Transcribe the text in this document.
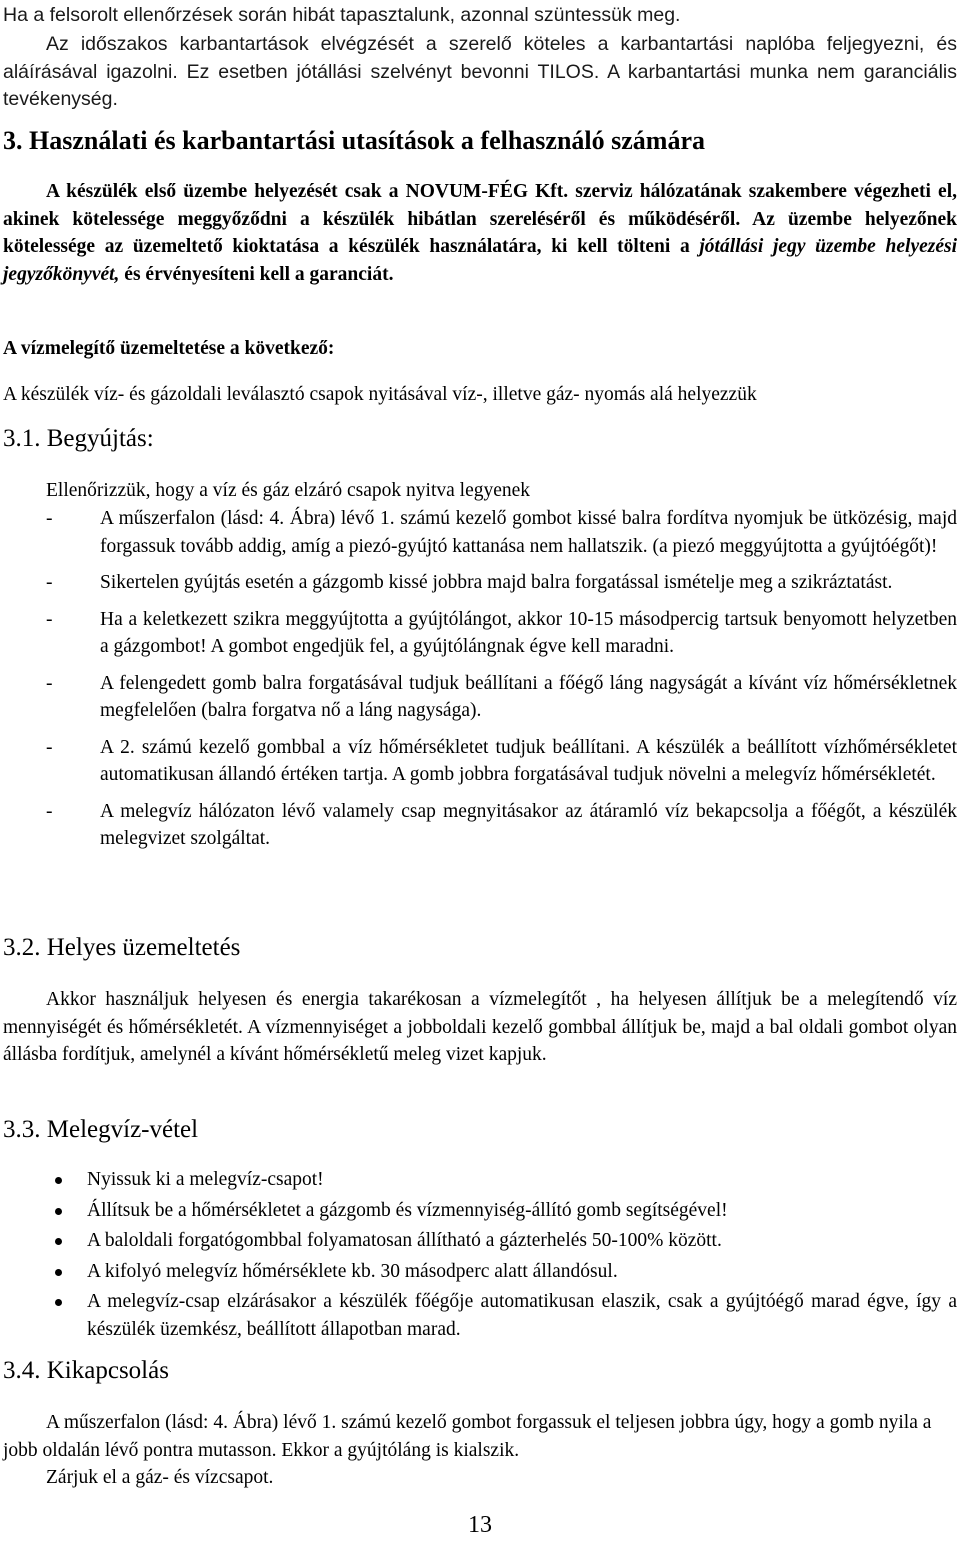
Ha a felsorolt ellenőrzések során hibát tapasztalunk, azonnal szüntessük meg.
Az időszakos karbantartások elvégzését a szerelő köteles a karbantartási naplóba feljegyezni, és aláírásával igazolni. Ez esetben jótállási szelvényt bevonni TILOS. A karbantartási munka nem garanciális tevékenység.
3. Használati és karbantartási utasítások a felhasználó számára
A készülék első üzembe helyezését csak a NOVUM-FÉG Kft. szerviz hálózatának szakembere végezheti el, akinek kötelessége meggyőződni a készülék hibátlan szereléséről és működéséről. Az üzembe helyezőnek kötelessége az üzemeltető kioktatása a készülék használatára, ki kell tölteni a jótállási jegy üzembe helyezési jegyzőkönyvét, és érvényesíteni kell a garanciát.
A vízmelegítő üzemeltetése a következő:
A készülék víz- és gázoldali leválasztó csapok nyitásával víz-, illetve gáz- nyomás alá helyezzük
3.1. Begyújtás:
Ellenőrizzük, hogy a víz és gáz elzáró csapok nyitva legyenek
- A műszerfalon (lásd: 4. Ábra) lévő 1. számú kezelő gombot kissé balra fordítva nyomjuk be ütközésig, majd forgassuk tovább addig, amíg a piezó-gyújtó kattanása nem hallatszik. (a piezó meggyújtotta a gyújtóégőt)!
- Sikertelen gyújtás esetén a gázgomb kissé jobbra majd balra forgatással ismételje meg a szikráztatást.
- Ha a keletkezett szikra meggyújtotta a gyújtólángot, akkor 10-15 másodpercig tartsuk benyomott helyzetben a gázgombot! A gombot engedjük fel, a gyújtólángnak égve kell maradni.
- A felengedett gomb balra forgatásával tudjuk beállítani a főégő láng nagyságát a kívánt víz hőmérsékletnek megfelelően (balra forgatva nő a láng nagysága).
- A 2. számú kezelő gombbal a víz hőmérsékletet tudjuk beállítani. A készülék a beállított vízhőmérsékletet automatikusan állandó értéken tartja. A gomb jobbra forgatásával tudjuk növelni a melegvíz hőmérsékletét.
- A melegvíz hálózaton lévő valamely csap megnyitásakor az átáramló víz bekapcsolja a főégőt, a készülék melegvizet szolgáltat.
3.2. Helyes üzemeltetés
Akkor használjuk helyesen és energia takarékosan a vízmelegítőt , ha helyesen állítjuk be a melegítendő víz mennyiségét és hőmérsékletét. A vízmennyiséget a jobboldali kezelő gombbal állítjuk be, majd a bal oldali gombot olyan állásba fordítjuk, amelynél a kívánt hőmérsékletű meleg vizet kapjuk.
3.3. Melegvíz-vétel
Nyissuk ki a melegvíz-csapot!
Állítsuk be a hőmérsékletet a gázgomb és vízmennyiség-állító gomb segítségével!
A baloldali forgatógombbal folyamatosan állítható a gázterhelés 50-100% között.
A kifolyó melegvíz hőmérséklete kb. 30 másodperc alatt állandósul.
A melegvíz-csap elzárásakor a készülék főégője automatikusan elaszik, csak a gyújtóégő marad égve, így a készülék üzemkész, beállított állapotban marad.
3.4. Kikapcsolás
A műszerfalon (lásd: 4. Ábra) lévő 1. számú kezelő gombot forgassuk el teljesen jobbra úgy, hogy a gomb nyila a jobb oldalán lévő pontra mutasson. Ekkor a gyújtóláng is kialszik.
Zárjuk el a gáz- és vízcsapot.
13
